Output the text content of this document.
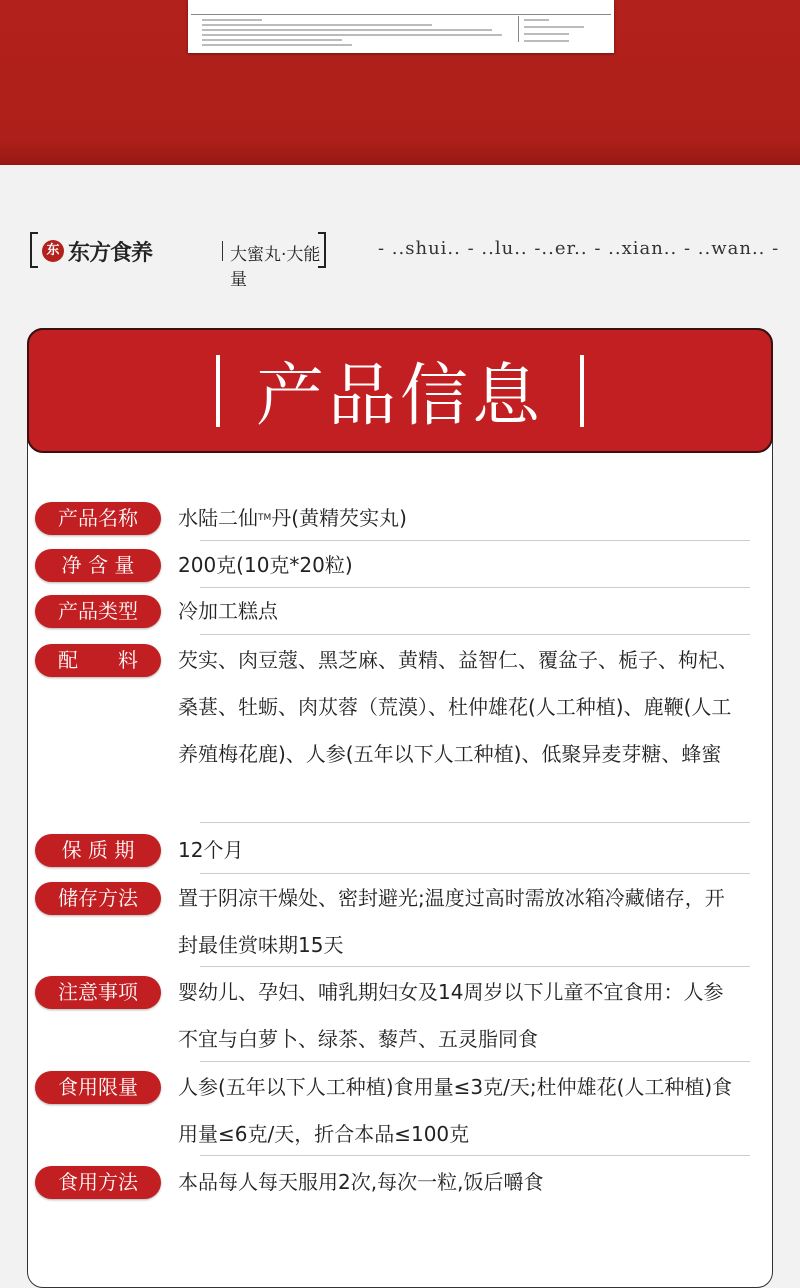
东 东方食养	大蜜丸·大能量
- ..shui.. - ..lu.. -..er.. - ..xian.. - ..wan.. -
产品信息
产品名称	水陆二仙™丹(黄精芡实丸)
净 含 量	200克(10克*20粒)
产品类型	冷加工糕点
配　　料	芡实、肉豆蔻、黑芝麻、黄精、益智仁、覆盆子、栀子、枸杞、桑葚、牡蛎、肉苁蓉（荒漠）、杜仲雄花(人工种植)、鹿鞭(人工养殖梅花鹿)、人参(五年以下人工种植)、低聚异麦芽糖、蜂蜜
保 质 期	12个月
储存方法	置于阴凉干燥处、密封避光;温度过高时需放冰箱冷藏储存，开封最佳赏味期15天
注意事项	婴幼儿、孕妇、哺乳期妇女及14周岁以下儿童不宜食用：人参不宜与白萝卜、绿茶、藜芦、五灵脂同食
食用限量	人参(五年以下人工种植)食用量≤3克/天;杜仲雄花(人工种植)食用量≤6克/天，折合本品≤100克
食用方法	本品每人每天服用2次,每次一粒,饭后嚼食
